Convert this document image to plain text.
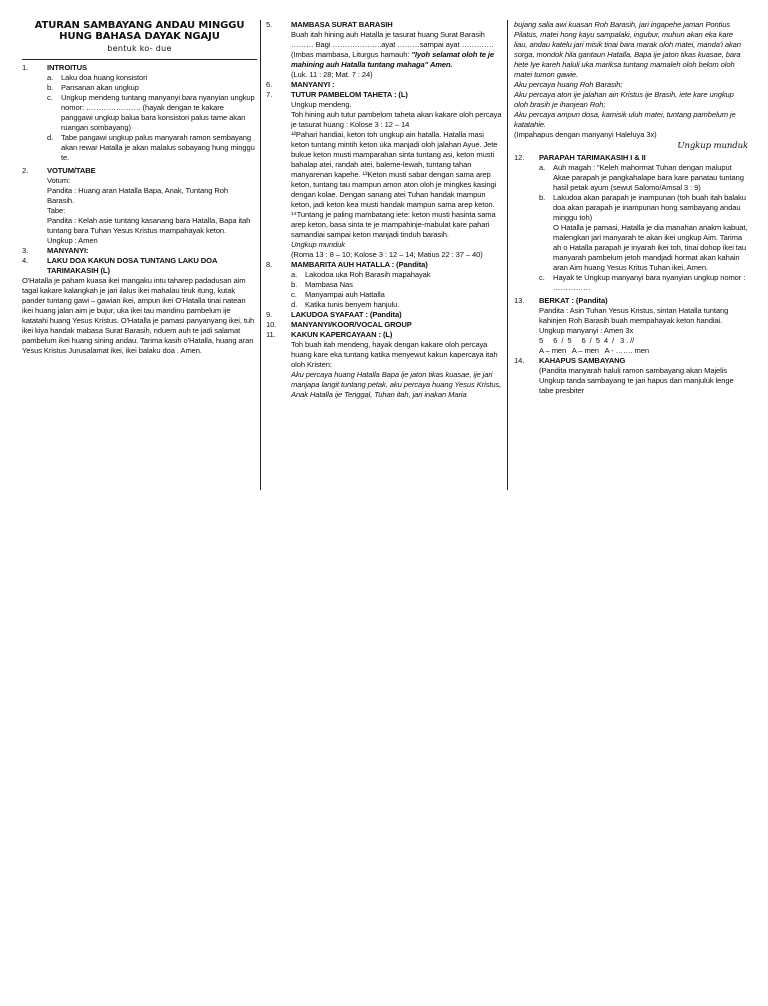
ATURAN SAMBAYANG ANDAU MINGGU
HUNG BAHASA DAYAK NGAJU
bentuk ko- due
1.	INTROITUS
a.	Laku doa huang konsistori
b.	Pansanan akan ungkup
c.	Ungkup mendeng tuntang manyanyi bara nyanyian ungkup nomor: …………………. (hayak dengan te kakare panggawi ungkup balua bara konsistori palus tame akan ruangan sombayang)
d.	Tabe pangawi ungkup palus manyarah ramon sembayang akan rewar Hatalla je akan malalus sobayang hung minggu te.
2.	VOTUM/TABE
Votum:
Pandita : Huang aran Hatalla Bapa, Anak, Tuntang Roh Barasih.
Tabe:
Pandita : Kelah asie tuntang kasanang bara Hatalla, Bapa itah tuntang bara Tuhan Yesus Kristus mampahayak keton.
Ungkup : Amen
3.	MANYANYI:
4.	LAKU DOA KAKUN DOSA TUNTANG LAKU DOA TARIMAKASIH (L)
O'Hatalla je paham kuasa ikei mangaku intu taharep padadusan aim tagal kakare kalangkah je jari ilalus ikei mahalau tiruk itung, kutak pander tuntang gawi – gawian ikei, ampun ikei O'Hatalla tinai natean ikei huang jalan aim je bujur, uka ikei tau mandinu pambelum ije katatahi huang Yesus Kristus. O'Hatalla je pamasi panyanyang ikei, tuh ikei kiya handak mabasa Surat Barasih, nduem auh te jadi salamat pambelum ikei huang sining andau. Tarima kasih o'Hatalla, huang aran Yesus Kristus Jurusalamat ikei, ikei balaku doa . Amen.
5.	MAMBASA SURAT BARASIH
Buah itah hining auh Hatalla je tasurat huang Surat Barasih ……… Bagi ………………..ayat ………sampai ayat ………….
(Imbas mambasa, Liturgus hamauh: "Iyoh selamat oloh te je mahining auh Hatalla tuntang mahaga" Amen.
(Luk. 11 : 28; Mat. 7 : 24)
6.	MANYANYI :
7.	TUTUR PAMBELOM TAHETA : (L)
Ungkup mendeng.
Toh hining auh tutur pambelom taheta akan kakare oloh percaya je tasurat huang : Kolose 3 : 12 – 14
¹²Pahari handiai, keton toh ungkup ain hatalla. Hatalla masi keton tuntang mintih keton uka manjadi oloh jalahan Ayue. Jete bukue keton musti mamparahan sinta tuntang asi, keton musti bahalap atei, randah atei, baleme-lewah, tuntang tahan manyarenan kapehe. ¹³Keton musti sabar dengan sama arep keton, tuntang tau mampun amon aton oloh je mingkes kasingi dengan kolae. Dengan sanang atei Tuhan handak mampun keton, jadi keton kea musti handak mampun sama arep keton. ¹⁴Tuntang je paling mambatang iete: keton musti hasinta sama arep keton, basa sinta te je mampahinje-mabulat kare pahari samandiai sampai keton manjadi tinduh barasih.
Ungkup munduk
(Roma 13 : 8 – 10; Kolose 3 : 12 – 14; Matius 22 : 37 – 40)
8.	MAMBARITA AUH HATALLA : (Pandita)
a.	Lakodoa uka Roh Barasih mapahayak
b.	Mambasa Nas
c.	Manyampai auh Hattalla
d.	Katika tunis benyem hanjulu.
9.	LAKUDOA SYAFAAT : (Pandita)
10.	MANYANYI/KOOR/VOCAL GROUP
11.	KAKUN KAPERCAYAAN : (L)
Toh buah itah mendeng, hayak dengan kakare oloh percaya huang kare eka tuntang katika menyewut kakun kapercaya itah oloh Kristen:
Aku percaya huang Hatalla Bapa ije jaton tikas kuasae, ije jari manjapa langit tuntang petak, aku percaya huang Yesus Kristus, Anak Hatalla ije Tenggal, Tuhan itah, jari inakan Maria
bujang salia awi kuasan Roh Barasih, jari ingapehe jaman Pontius Pilatus, matei hong kayu sampalaki, ingubur, muhun akan eka kare liau, andau katelu jari misik tinai bara marak oloh matei, manda'i akan sorga, mondok hila gantaun Hatalla, Bapa ije jaton tikas kuasae, bara hete lye kareh haluli uka mariksa tuntang mamaleh oloh belom oloh matei tumon gawie.
Aku percaya huang Roh Barasih;
Aku percaya aton ije jalahan ain Kristus ije Brasih, iete kare ungkup oloh brasih je ihanjean Roh;
Aku percaya ampun dosa, kamisik uluh matei, tuntang pambelum je katatahie.
(Impahapus dengan manyanyi Haleluya 3x)
Ungkup munduk
12.	PARAPAH TARIMAKASIH I & II
a.	Auh magah : "Keleh mahormat Tuhan dengan maluput Akae parapah je pangkahalape bara kare panatau tuntang hasil petak ayum (sewut Salomo/Amsal 3 : 9)
b.	Lakudoa akan parapah je inampunan (toh buah itah balaku doa akan parapah je inampunan hong sambayang andau minggu toh)
O Hatalla je pamasi, Hatalla je dia manahan anakm kabuat, malengkan jari manyarah te akan ikei ungkup Aim. Tarima ah o Hatalla parapah je inyarah ikei toh, tinai dohop ikei tau manyarah pambelum jetoh mandjadi hormat akan kahain aran Aim huang Yesus Kritus Tuhan ikei, Amen.
c.	Hayak te Ungkup manyanyi bara nyanyian ungkup nomor : ……………
13.	BERKAT : (Pandita)
Pandita : Asin Tuhan Yesus Kristus, sintan Hatalla tuntang kahinjen Roh Barasih buah mempahayak keton handiai.
Ungkup manyanyi : Amen 3x
5     6  /  5     6  /  5  4  /   3 . //
A – men   A – men   A - ……. men
14.	KAHAPUS SAMBAYANG
(Pandita manyarah haluli ramon sambayang akan Majelis Ungkup tanda sambayang te jari hapus dan manjuluk lenge tabe presbiter
